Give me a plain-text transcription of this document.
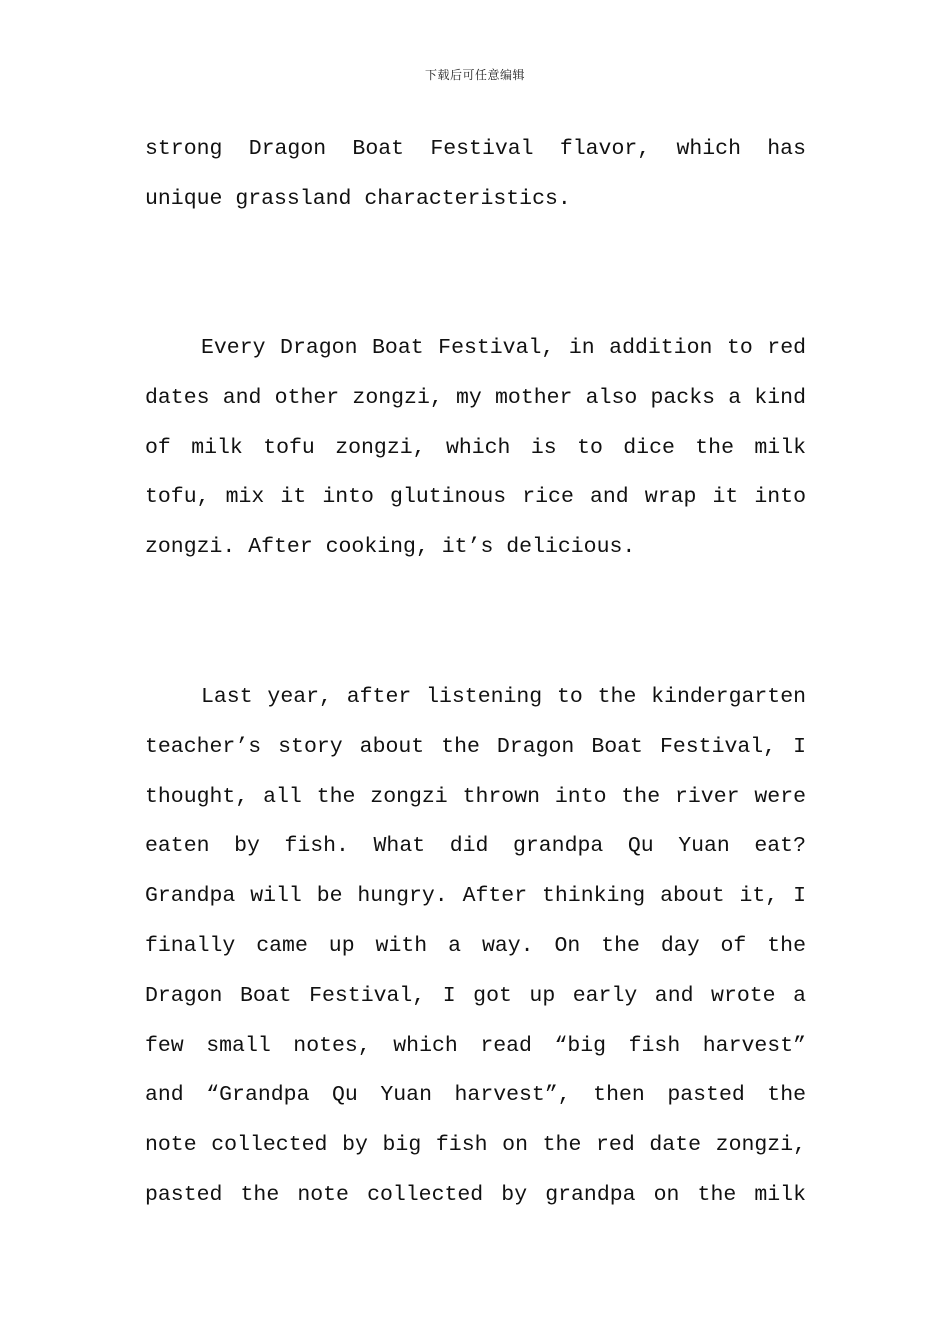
下载后可任意编辑
strong Dragon Boat Festival flavor, which has
unique grassland characteristics.
Every Dragon Boat Festival, in addition to red
dates and other zongzi, my mother also packs a kind
of milk tofu zongzi, which is to dice the milk
tofu, mix it into glutinous rice and wrap it into
zongzi. After cooking, it’s delicious.
Last year, after listening to the kindergarten
teacher’s story about the Dragon Boat Festival, I
thought, all the zongzi thrown into the river were
eaten by fish. What did grandpa Qu Yuan eat?
Grandpa will be hungry. After thinking about it, I
finally came up with a way. On the day of the
Dragon Boat Festival, I got up early and wrote a
few small notes, which read “big fish harvest”
and “Grandpa Qu Yuan harvest”, then pasted the
note collected by big fish on the red date zongzi,
pasted the note collected by grandpa on the milk
